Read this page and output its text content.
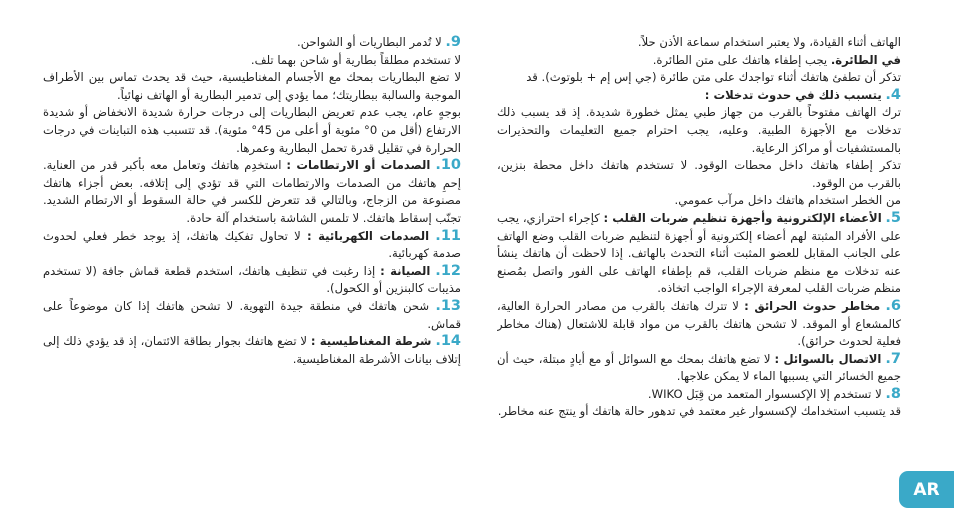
الهاتف أثناء القيادة، ولا يعتبر استخدام سماعة الأذن حلاً.

في الطائرة. يجب إطفاء هاتفك على متن الطائرة.

تذكر أن تطفئ هاتفك أثناء تواجدك على متن طائرة (جي إس إم + بلوتوث). قد

4. يتسبب ذلك في حدوث تدخلات :

ترك الهاتف مفتوحاً بالقرب من جهاز طبي يمثل خطورة شديدة. إذ قد يسبب ذلك تدخلات مع الأجهزة الطبية. وعليه، يجب احترام جميع التعليمات والتحذيرات بالمستشفيات أو مراكز الرعاية.

تذكر إطفاء هاتفك داخل محطات الوقود. لا تستخدم هاتفك داخل محطة بنزين، بالقرب من الوقود.

من الخطر استخدام هاتفك داخل مرآب عمومي.

5. الأعضاء الإلكترونية وأجهزة تنظيم ضربات القلب : كإجراء احترازي، يجب على الأفراد المثبتة لهم أعضاء إلكترونية أو أجهزة لتنظيم ضربات القلب وضع الهاتف على الجانب المقابل للعضو المثبت أثناء التحدث بالهاتف. إذا لاحظت أن هاتفك ينشأ عنه تدخلات مع منظم ضربات القلب، قم بإطفاء الهاتف على الفور واتصل بمُصنع منظم ضربات القلب لمعرفة الإجراء الواجب اتخاذه.

6. مخاطر حدوث الحرائق : لا تترك هاتفك بالقرب من مصادر الحرارة العالية، كالمشعاع أو الموقد. لا تشحن هاتفك بالقرب من مواد قابلة للاشتعال (هناك مخاطر فعلية لحدوث حرائق).

7. الاتصال بالسوائل : لا تضع هاتفك بمحك مع السوائل أو مع أيادٍ مبتلة، حيث أن جميع الخسائر التي يسببها الماء لا يمكن علاجها.

8. لا تستخدم إلا الإكسسوار المتعمد من قِبَل WIKO.

قد يتسبب استخدامك لإكسسوار غير معتمد في تدهور حالة هاتفك أو ينتج عنه مخاطر.

9. لا تُدمر البطاريات أو الشواحن.

لا تستخدم مطلقاً بطارية أو شاحن بهما تلف.

لا تضع البطاريات بمحك مع الأجسام المغناطيسية، حيث قد يحدث تماس بين الأطراف الموجبة والسالبة ببطاريتك؛ مما يؤدي إلى تدمير البطارية أو الهاتف نهائياً.

بوجهٍ عام، يجب عدم تعريض البطاريات إلى درجات حرارة شديدة الانخفاض أو شديدة الارتفاع (أقل من 0° مئوية أو أعلى من 45° مئوية). قد تتسبب هذه التباينات في درجات الحرارة في تقليل قدرة تحمل البطارية وعمرها.

10. الصدمات أو الارتطامات : استخدِم هاتفك وتعامل معه بأكبر قدر من العناية. إحمِ هاتفك من الصدمات والارتطامات التي قد تؤدي إلى إتلافه. بعض أجزاء هاتفك مصنوعة من الزجاج، وبالتالي قد تتعرض للكسر في حالة السقوط أو الارتطام الشديد. تجنّب إسقاط هاتفك. لا تلمس الشاشة باستخدام آلة حادة.

11. الصدمات الكهربائية : لا تحاول تفكيك هاتفك، إذ يوجد خطر فعلي لحدوث صدمة كهربائية.

12. الصيانة : إذا رغبت في تنظيف هاتفك، استخدم قطعة قماش جافة (لا تستخدم مذيبات كالبنزين أو الكحول).

13. شحن هاتفك في منطقة جيدة التهوية. لا تشحن هاتفك إذا كان موضوعاً على قماش.

14. شرطة المغناطيسية : لا تضع هاتفك بجوار بطاقة الائتمان، إذ قد يؤدي ذلك إلى إتلاف بيانات الأشرطة المغناطيسية.

AR
